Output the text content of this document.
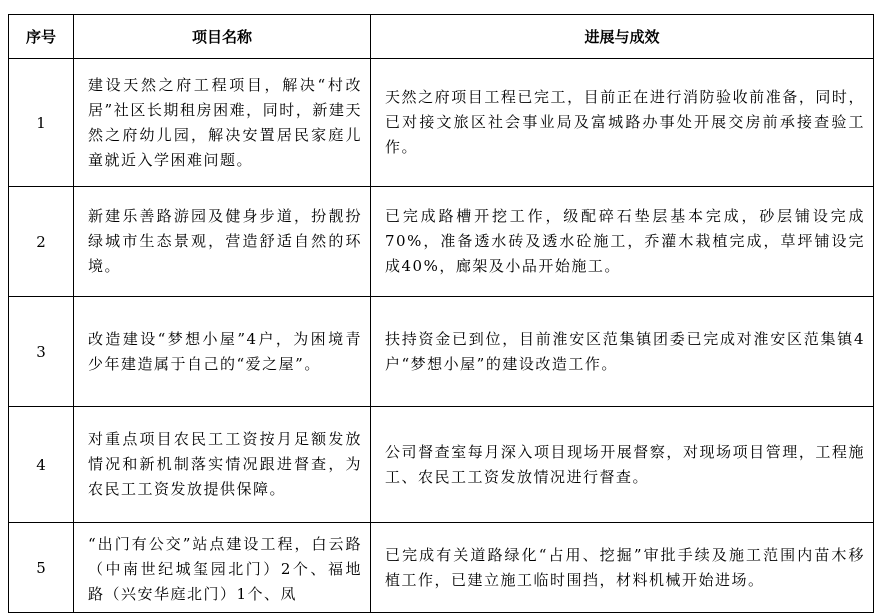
序号	项目名称	进展与成效
1	建设天然之府工程项目，解决“村改居”社区长期租房困难，同时，新建天然之府幼儿园，解决安置居民家庭儿童就近入学困难问题。	天然之府项目工程已完工，目前正在进行消防验收前准备，同时，已对接文旅区社会事业局及富城路办事处开展交房前承接查验工作。
2	新建乐善路游园及健身步道，扮靓扮绿城市生态景观，营造舒适自然的环境。	已完成路槽开挖工作，级配碎石垫层基本完成，砂层铺设完成70%，准备透水砖及透水砼施工，乔灌木栽植完成，草坪铺设完成40%，廊架及小品开始施工。
3	改造建设“梦想小屋”4户，为困境青少年建造属于自己的“爱之屋”。	扶持资金已到位，目前淮安区范集镇团委已完成对淮安区范集镇4户“梦想小屋”的建设改造工作。
4	对重点项目农民工工资按月足额发放情况和新机制落实情况跟进督查，为农民工工资发放提供保障。	公司督查室每月深入项目现场开展督察，对现场项目管理，工程施工、农民工工资发放情况进行督查。
5	“出门有公交”站点建设工程，白云路（中南世纪城玺园北门）2个、福地路（兴安华庭北门）1个、凤	已完成有关道路绿化“占用、挖掘”审批手续及施工范围内苗木移植工作，已建立施工临时围挡，材料机械开始进场。
